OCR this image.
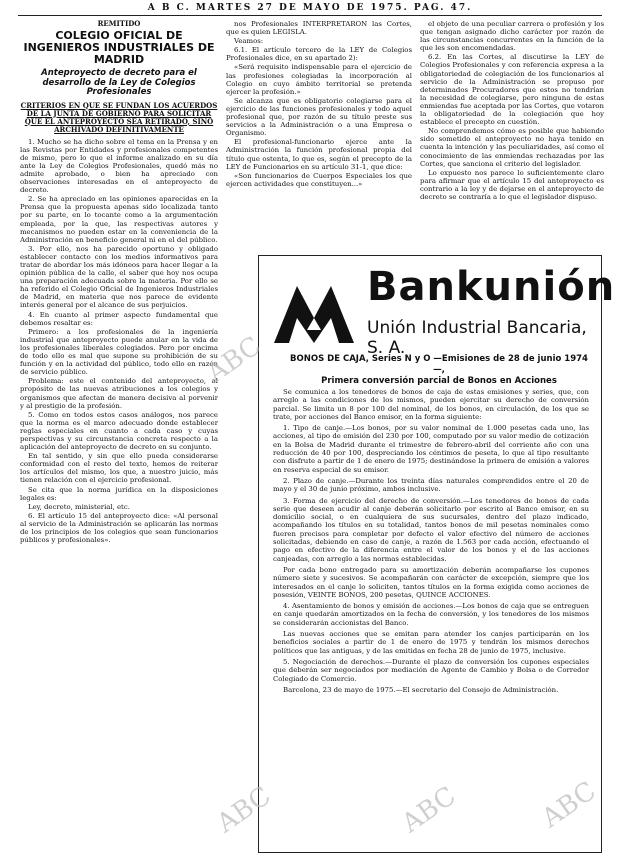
A B C. MARTES 27 DE MAYO DE 1975. PAG. 47.
REMITIDO
COLEGIO OFICIAL DE INGENIEROS INDUSTRIALES DE MADRID
Anteproyecto de decreto para el desarrollo de la Ley de Colegios Profesionales
CRITERIOS EN QUE SE FUNDAN LOS ACUERDOS DE LA JUNTA DE GOBIERNO PARA SOLICITAR QUE EL ANTEPROYECTO SEA RETIRADO, SINO ARCHIVADO DEFINITIVAMENTE

1. Mucho se ha dicho sobre el tema en la Prensa y en las Revistas por Entidades y profesionales competentes de mismo, pero lo que el informe analizado en su día ante la Ley de Colegios Profesionales, quedó más no admite aprobado, o bien ha apreciado con observaciones interesadas en el anteproyecto de decreto.

2. Se ha apreciado en las opiniones aparecidas en la Prensa que la propuesta apenas sido localizada tanto por su parte, en lo tocante como a la argumentación empleada, por la que, las respectivas autores y mecanismos no pueden estar en la conveniencia de la Administración en beneficio general ni en el del público.

3. Por ello, nos ha parecido oportuno y obligado establecer contacto con los medios informativos para tratar de abordar los más idóneos para hacer llegar a la opinión pública de la calle, el saber que hoy nos ocupa una preparación adecuada sobre la materia. Por ello se ha referido el Colegio Oficial de Ingenieros Industriales de Madrid, en materia que nos parece de evidente interés general por el alcance de sus perjuicios.

4. En cuanto al primer aspecto fundamental que debemos resaltar es:

Primero: a los profesionales de la ingeniería industrial que anteproyecto puede anular en la vida de los profesionales liberales colegiados. Pero por encima de todo ello es mal que supone su prohibición de su función y en la actividad del público, todo ello en razón de servicio público.

Problema: este el contenido del anteproyecto, al propósito de las nuevas atribuciones a los colegios y organismos que afectan de manera decisiva al porvenir y al prestigio de la profesión.

5. Como en todos estos casos análogos, nos parece que la norma es el marco adecuado donde establecer reglas especiales en cuanto a cada caso y cuyas perspectivas y su circunstancia concreta respecto a la aplicación del anteproyecto de decreto en su conjunto.

En tal sentido, y sin que ello pueda considerarse conformidad con el resto del texto, hemos de reiterar los artículos del mismo, los que, a nuestro juicio, más tienen relación con el ejercicio profesional.

Se cita que la norma jurídica en la disposiciones legales es:

Ley, decreto, ministerial, etc.

6. El artículo 15 del anteproyecto dice: «Al personal al servicio de la Administración se aplicarán las normas de los principios de los colegios que sean funcionarios públicos y profesionales».

nos Profesionales INTERPRETARON las Cortes, que es quien LEGISLA.

Veamos:

6.1. El artículo tercero de la LEY de Colegios Profesionales dice, en su apartado 2):

«Será requisito indispensable para el ejercicio de las profesiones colegiadas la incorporación al Colegio en cuyo ámbito territorial se pretenda ejercer la profesión.»

Se alcanza que es obligatorio colegiarse para el ejercicio de las funciones profesionales y todo aquel profesional que, por razón de su título preste sus servicios a la Administración o a una Empresa o Organismo.

El profesional-funcionario ejerce ante la Administración la función profesional propia del título que ostenta, lo que es, según el precepto de la LEY de Funcionarios en su artículo 31-1, que dice:

«Son funcionarios de Cuerpos Especiales los que ejercen actividades que constituyen...»

el objeto de una peculiar carrera o profesión y los que tengan asignado dicho carácter por razón de las circunstancias concurrentes en la función de la que les son encomendadas.

6.2. En las Cortes, al discutirse la LEY de Colegios Profesionales y con referencia expresa a la obligatoriedad de colegiación de los funcionarios al servicio de la Administración se propuso por determinados Procuradores que estos no tendrían la necesidad de colegiarse, pero ninguna de estas enmiendas fue aceptada por las Cortes, que votaron la obligatoriedad de la colegiación que hoy establece el precepto en cuestión.

No comprendemos cómo es posible que habiendo sido sometido el anteproyecto no haya tenido en cuenta la intención y las peculiaridades, así como el conocimiento de las enmiendas rechazadas por las Cortes, que sanciona el criterio del legislador.

Lo expuesto nos parece lo suficientemente claro para afirmar que el artículo 15 del anteproyecto es contrario a la ley y de dejarse en el anteproyecto de decreto se contraría a lo que el legislador dispuso.

Bankunión
Unión Industrial Bancaria, S. A.
BONOS DE CAJA, Series N y O —Emisiones de 28 de junio 1974—,
Primera conversión parcial de Bonos en Acciones

Se comunica a los tenedores de bonos de caja de estas emisiones y series, que, con arreglo a las condiciones de los mismos, pueden ejercitar su derecho de conversión parcial. Se limita un 8 por 100 del nominal, de los bonos, en circulación, de los que se trate, por acciones del Banco emisor, en la forma siguiente:

1. Tipo de canje.—Los bonos, por su valor nominal de 1.000 pesetas cada uno, las acciones, al tipo de emisión del 230 por 100, computado por su valor medio de cotización en la Bolsa de Madrid durante el trimestre de febrero-abril del corriente año con una reducción de 40 por 100, despreciando los céntimos de peseta, lo que al tipo resultante con disfrute a partir de 1 de enero de 1975; destinándose la primera de emisión a valores en reserva especial de su emisor.

2. Plazo de canje.—Durante los treinta días naturales comprendidos entre el 20 de mayo y el 30 de junio próximo, ambos inclusive.

3. Forma de ejercicio del derecho de conversión.—Los tenedores de bonos de cada serie que deseen acudir al canje deberán solicitarlo por escrito al Banco emisor, en su domicilio social, o en cualquiera de sus sucursales, dentro del plazo indicado, acompañando los títulos en su totalidad, tantos bonos de mil pesetas nominales como fueren precisos para completar por defecto el valor efectivo del número de acciones solicitadas, debiendo en caso de canje, a razón de 1.563 por cada acción, efectuando el pago en efectivo de la diferencia entre el valor de los bonos y el de las acciones canjeadas, con arreglo a las normas establecidas.

Por cada bono entregado para su amortización deberán acompañarse los cupones número siete y sucesivos. Se acompañarán con carácter de excepción, siempre que los interesados en el canje lo soliciten, tantos títulos en la forma exigida como acciones de posesión, VEINTE BONOS, 200 pesetas, QUINCE ACCIONES.

4. Asentamiento de bonos y emisión de acciones.—Los bonos de caja que se entreguen en canje quedarán amortizados en la fecha de conversión, y los tenedores de los mismos se considerarán accionistas del Banco.

Las nuevas acciones que se emitan para atender los canjes participarán en los beneficios sociales a partir de 1 de enero de 1975 y tendrán los mismos derechos políticos que las antiguas, y de las emitidas en fecha 28 de junio de 1975, inclusive.

5. Negociación de derechos.—Durante el plazo de conversión los cupones especiales que deberán ser negociados por mediación de Agente de Cambio y Bolsa o de Corredor Colegiado de Comercio.

Barcelona, 23 de mayo de 1975.—El secretario del Consejo de Administración.

ABC
ABC	ABC	ABC
